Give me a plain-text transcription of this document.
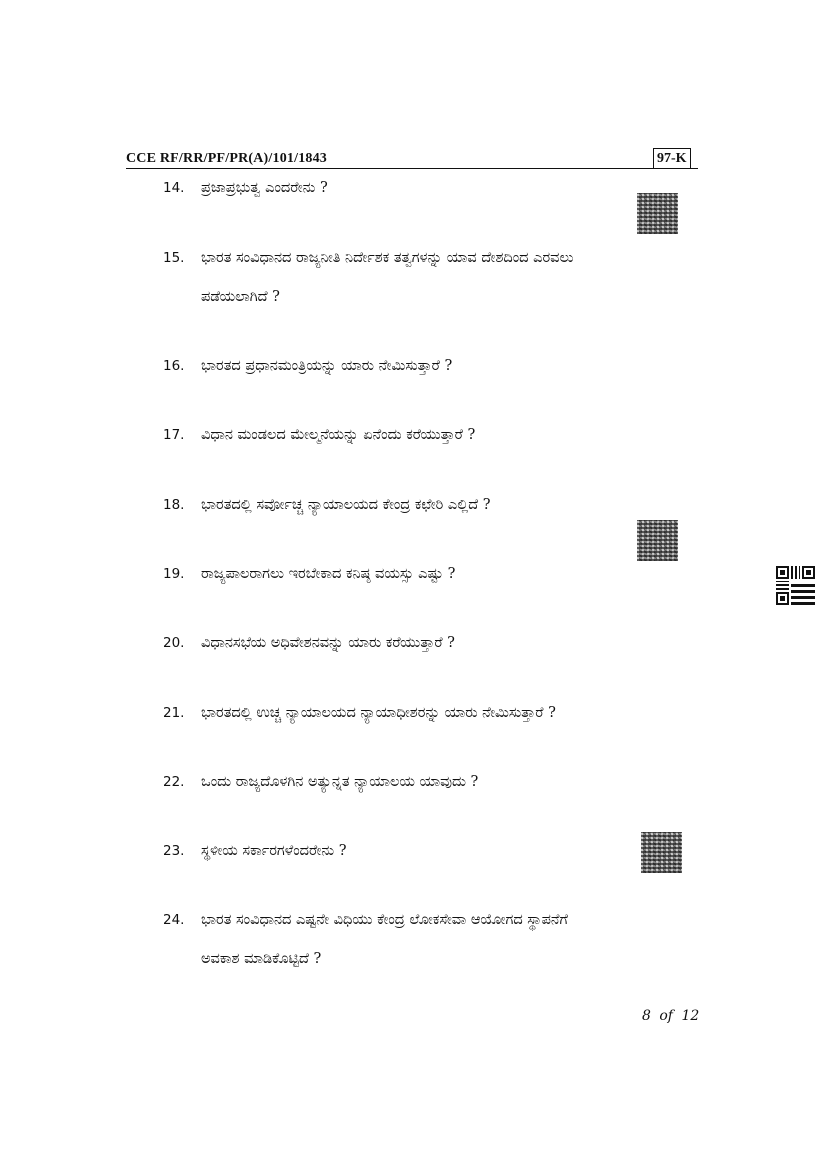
CCE RF/RR/PF/PR(A)/101/1843	97-K
14.	ಪ್ರಜಾಪ್ರಭುತ್ವ ಎಂದರೇನು ?
15.	ಭಾರತ ಸಂವಿಧಾನದ ರಾಜ್ಯನೀತಿ ನಿರ್ದೇಶಕ ತತ್ವಗಳನ್ನು ಯಾವ ದೇಶದಿಂದ ಎರವಲು
ಪಡೆಯಲಾಗಿದೆ ?
16.	ಭಾರತದ ಪ್ರಧಾನಮಂತ್ರಿಯನ್ನು ಯಾರು ನೇಮಿಸುತ್ತಾರೆ ?
17.	ವಿಧಾನ ಮಂಡಲದ ಮೇಲ್ಮನೆಯನ್ನು ಏನೆಂದು ಕರೆಯುತ್ತಾರೆ ?
18.	ಭಾರತದಲ್ಲಿ ಸರ್ವೋಚ್ಚ ನ್ಯಾಯಾಲಯದ ಕೇಂದ್ರ ಕಛೇರಿ ಎಲ್ಲಿದೆ ?
19.	ರಾಜ್ಯಪಾಲರಾಗಲು ಇರಬೇಕಾದ ಕನಿಷ್ಠ ವಯಸ್ಸು ಎಷ್ಟು ?
20.	ವಿಧಾನಸಭೆಯ ಅಧಿವೇಶನವನ್ನು ಯಾರು ಕರೆಯುತ್ತಾರೆ ?
21.	ಭಾರತದಲ್ಲಿ ಉಚ್ಚ ನ್ಯಾಯಾಲಯದ ನ್ಯಾಯಾಧೀಶರನ್ನು ಯಾರು ನೇಮಿಸುತ್ತಾರೆ ?
22.	ಒಂದು ರಾಜ್ಯದೊಳಗಿನ ಅತ್ಯುನ್ನತ ನ್ಯಾಯಾಲಯ ಯಾವುದು ?
23.	ಸ್ಥಳೀಯ ಸರ್ಕಾರಗಳೆಂದರೇನು ?
24.	ಭಾರತ ಸಂವಿಧಾನದ ಎಷ್ಟನೇ ವಿಧಿಯು ಕೇಂದ್ರ ಲೋಕಸೇವಾ ಆಯೋಗದ ಸ್ಥಾಪನೆಗೆ
ಅವಕಾಶ ಮಾಡಿಕೊಟ್ಟಿದೆ ?
8 of 12
